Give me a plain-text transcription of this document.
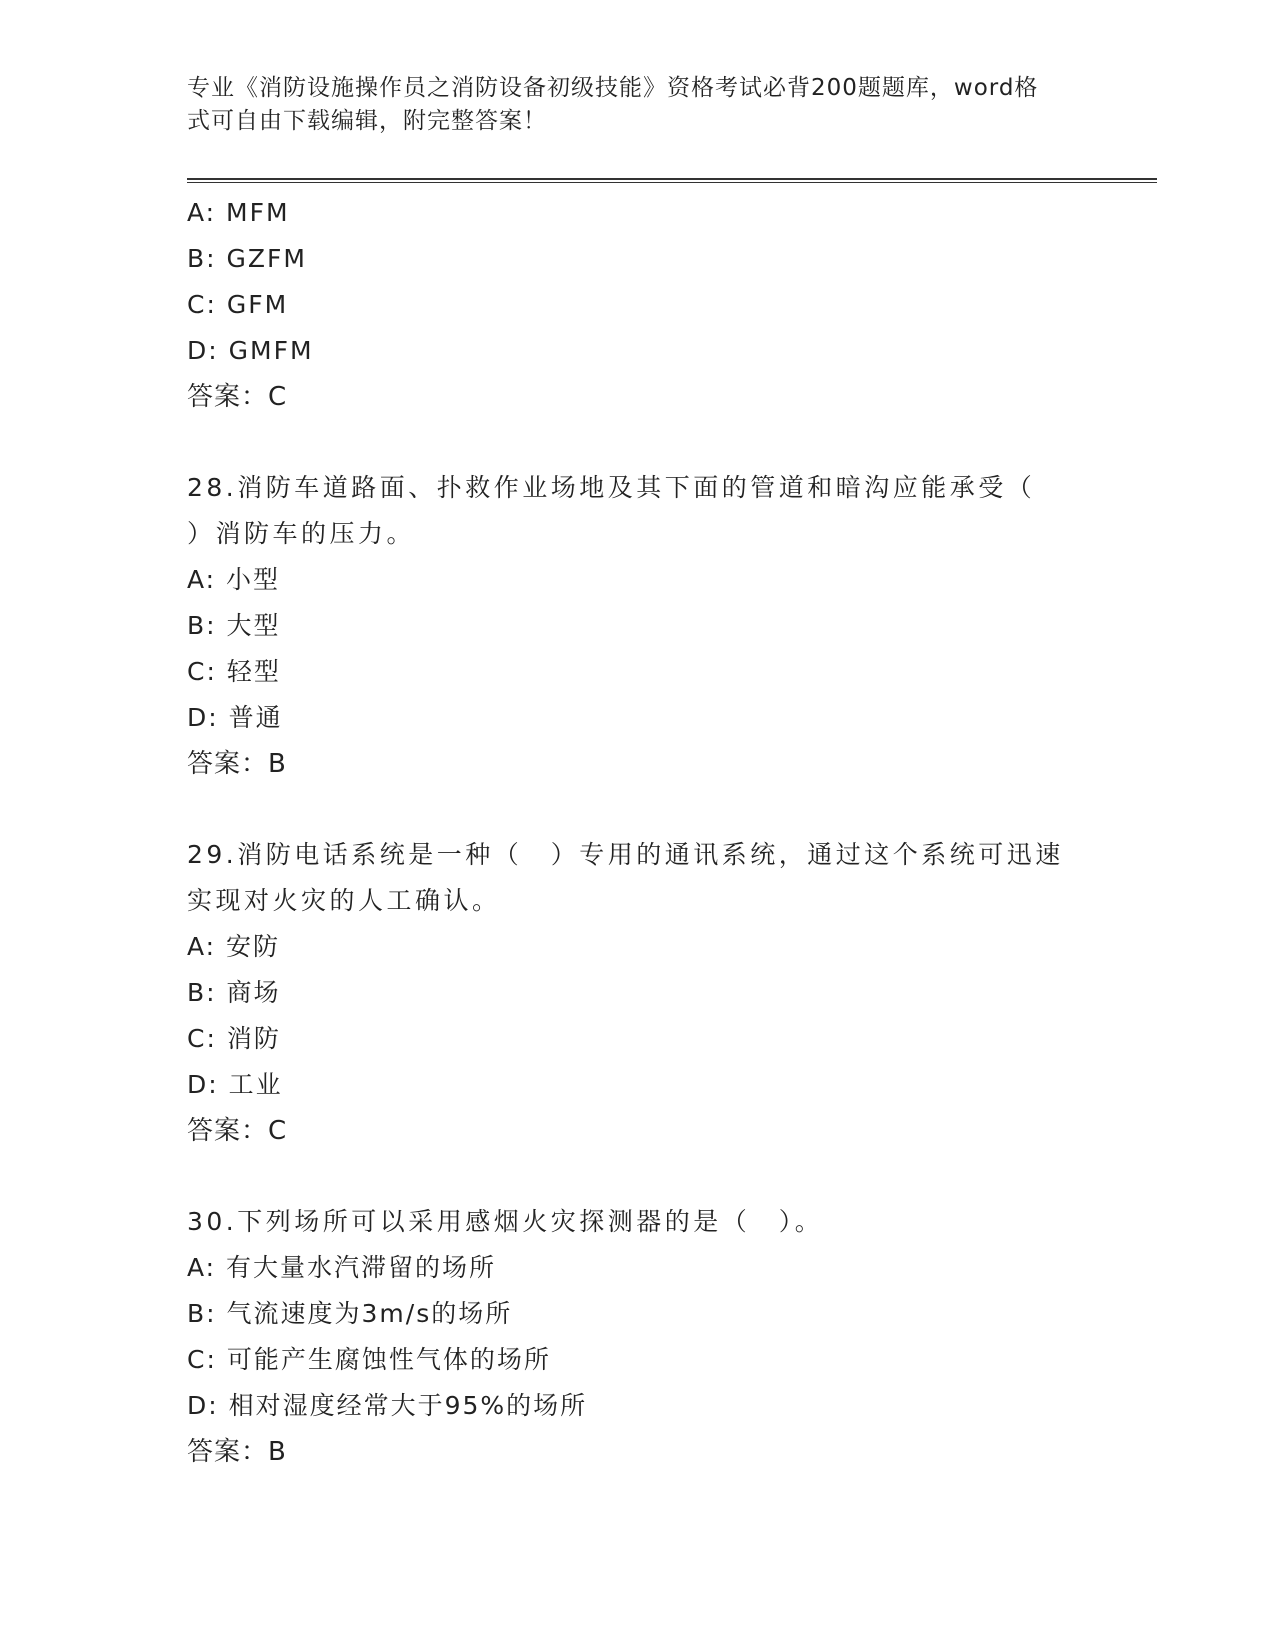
专业《消防设施操作员之消防设备初级技能》资格考试必背200题题库，word格
式可自由下载编辑，附完整答案！
A: MFM
B: GZFM
C: GFM
D: GMFM
答案：C
28.消防车道路面、扑救作业场地及其下面的管道和暗沟应能承受（
）消防车的压力。
A: 小型
B: 大型
C: 轻型
D: 普通
答案：B
29.消防电话系统是一种（　）专用的通讯系统，通过这个系统可迅速
实现对火灾的人工确认。
A: 安防
B: 商场
C: 消防
D: 工业
答案：C
30.下列场所可以采用感烟火灾探测器的是（　）。
A: 有大量水汽滞留的场所
B: 气流速度为3m/s的场所
C: 可能产生腐蚀性气体的场所
D: 相对湿度经常大于95%的场所
答案：B
